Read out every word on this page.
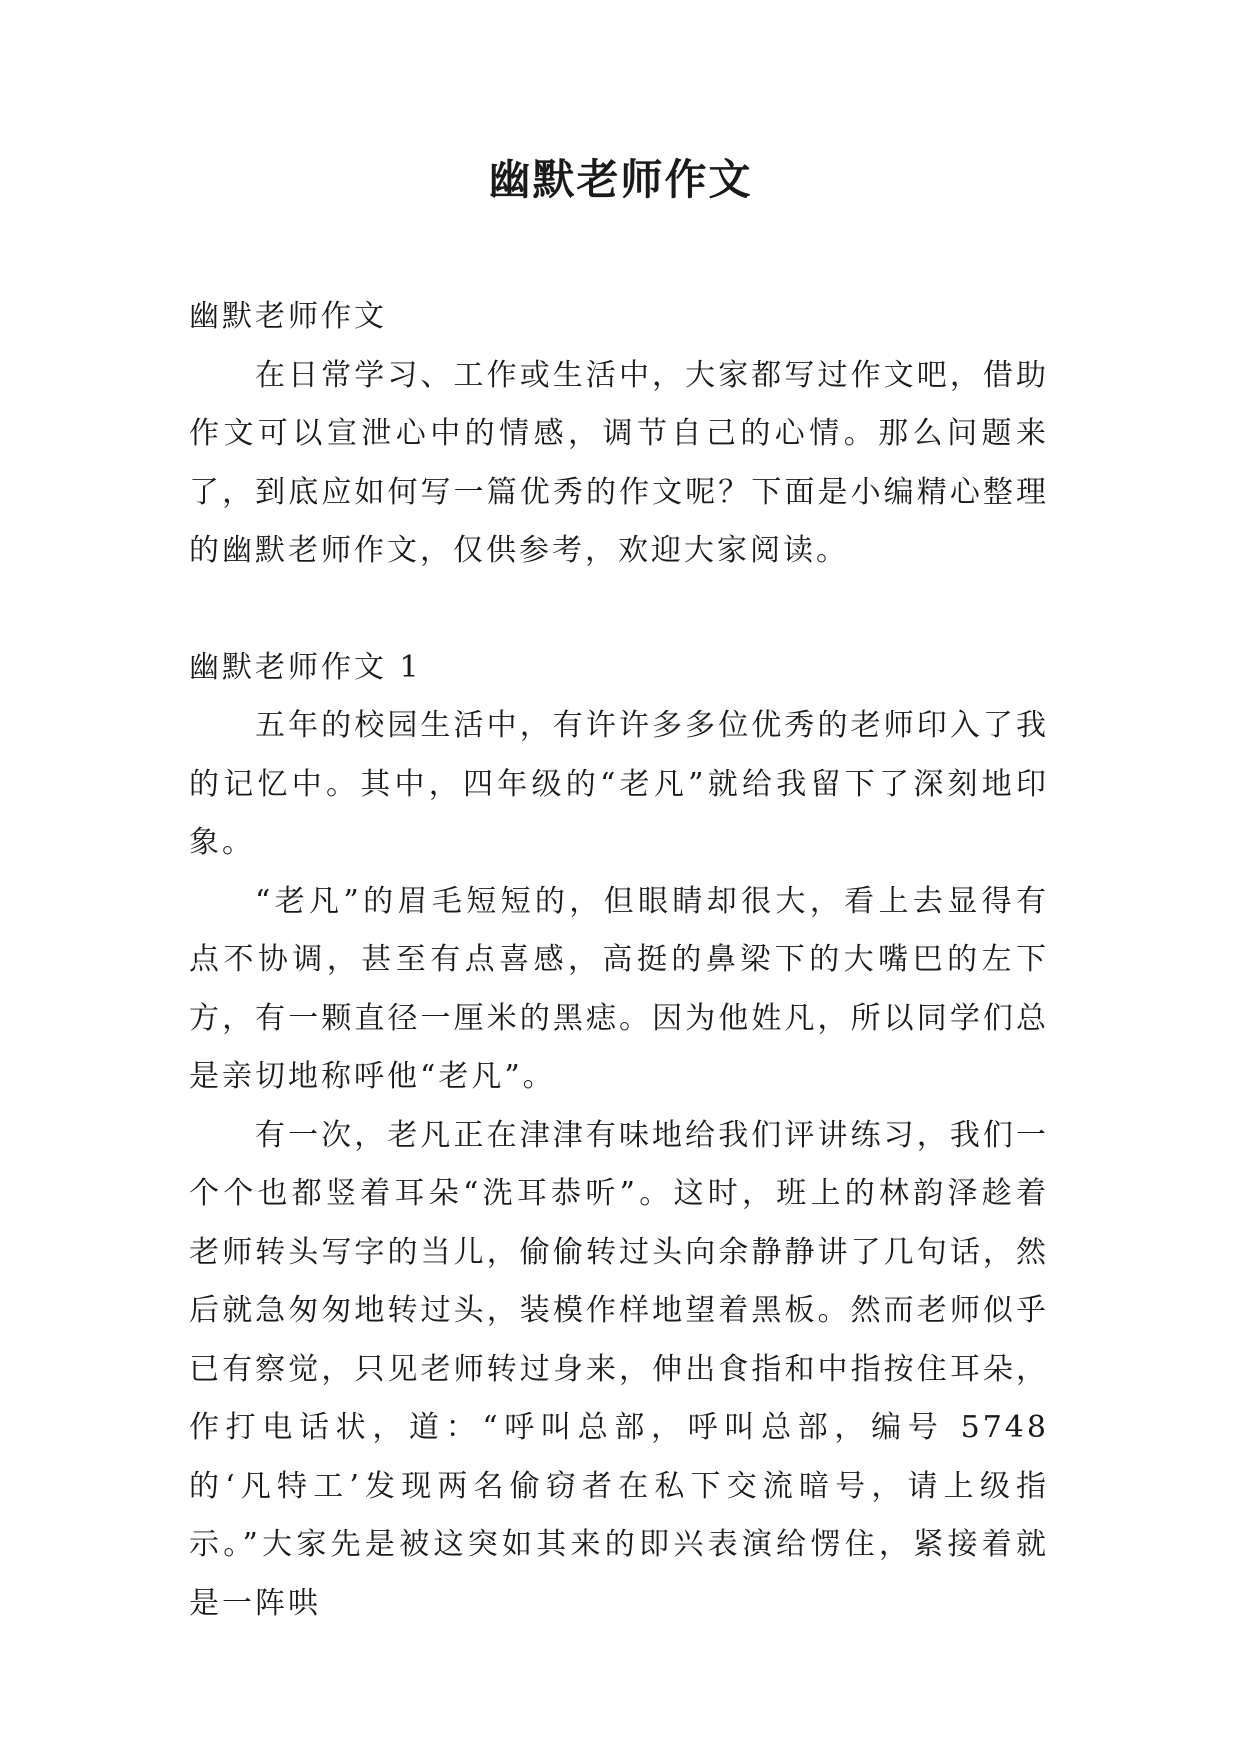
幽默老师作文

幽默老师作文

在日常学习、工作或生活中，大家都写过作文吧，借助作文可以宣泄心中的情感，调节自己的心情。那么问题来了，到底应如何写一篇优秀的作文呢？下面是小编精心整理的幽默老师作文，仅供参考，欢迎大家阅读。

幽默老师作文 1

五年的校园生活中，有许许多多位优秀的老师印入了我的记忆中。其中，四年级的“老凡”就给我留下了深刻地印象。

“老凡”的眉毛短短的，但眼睛却很大，看上去显得有点不协调，甚至有点喜感，高挺的鼻梁下的大嘴巴的左下方，有一颗直径一厘米的黑痣。因为他姓凡，所以同学们总是亲切地称呼他“老凡”。

有一次，老凡正在津津有味地给我们评讲练习，我们一个个也都竖着耳朵“洗耳恭听”。这时，班上的林韵泽趁着老师转头写字的当儿，偷偷转过头向余静静讲了几句话，然后就急匆匆地转过头，装模作样地望着黑板。然而老师似乎已有察觉，只见老师转过身来，伸出食指和中指按住耳朵，作打电话状，道：“呼叫总部，呼叫总部，编号 5748 的‘凡特工’发现两名偷窃者在私下交流暗号，请上级指示。”大家先是被这突如其来的即兴表演给愣住，紧接着就是一阵哄
